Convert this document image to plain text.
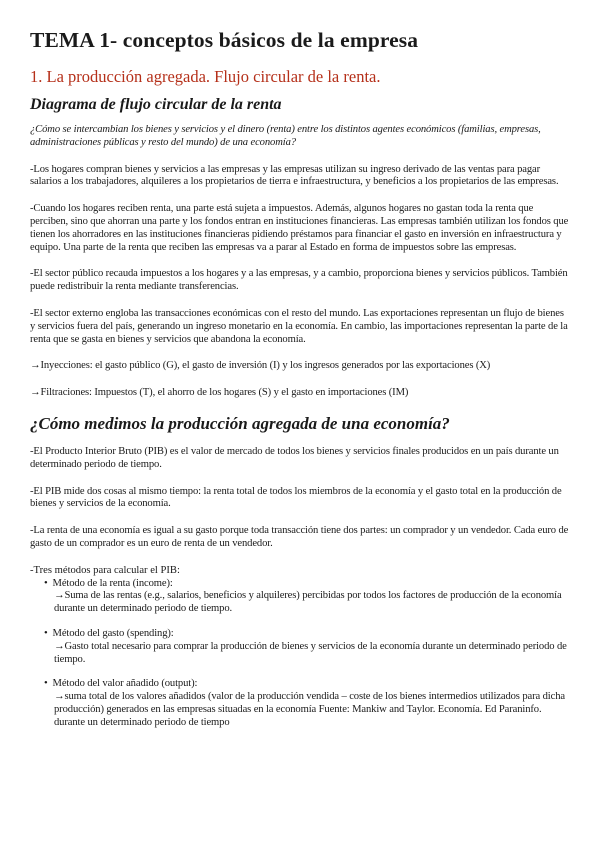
TEMA 1- conceptos básicos de la empresa
1. La producción agregada. Flujo circular de la renta.
Diagrama de flujo circular de la renta

¿Cómo se intercambian los bienes y servicios y el dinero (renta) entre los distintos agentes económicos (familias, empresas, administraciones públicas y resto del mundo) de una economía?

-Los hogares compran bienes y servicios a las empresas y las empresas utilizan su ingreso derivado de las ventas para pagar salarios a los trabajadores, alquileres a los propietarios de tierra e infraestructura, y beneficios a los propietarios de las empresas.

-Cuando los hogares reciben renta, una parte está sujeta a impuestos. Además, algunos hogares no gastan toda la renta que perciben, sino que ahorran una parte y los fondos entran en instituciones financieras. Las empresas también utilizan los fondos que tienen los ahorradores en las instituciones financieras pidiendo préstamos para financiar el gasto en inversión en infraestructura y equipo. Una parte de la renta que reciben las empresas va a parar al Estado en forma de impuestos sobre las empresas.

-El sector público recauda impuestos a los hogares y a las empresas, y a cambio, proporciona bienes y servicios públicos. También puede redistribuir la renta mediante transferencias.

-El sector externo engloba las transacciones económicas con el resto del mundo. Las exportaciones representan un flujo de bienes y servicios fuera del país, generando un ingreso monetario en la economía. En cambio, las importaciones representan la parte de la renta que se gasta en bienes y servicios que abandona la economía.

→Inyecciones: el gasto público (G), el gasto de inversión (I) y los ingresos generados por las exportaciones (X)

→Filtraciones: Impuestos (T), el ahorro de los hogares (S) y el gasto en importaciones (IM)

¿Cómo medimos la producción agregada de una economía?

-El Producto Interior Bruto (PIB) es el valor de mercado de todos los bienes y servicios finales producidos en un país durante un determinado periodo de tiempo.

-El PIB mide dos cosas al mismo tiempo: la renta total de todos los miembros de la economía y el gasto total en la producción de bienes y servicios de la economía.

-La renta de una economía es igual a su gasto porque toda transacción tiene dos partes: un comprador y un vendedor. Cada euro de gasto de un comprador es un euro de renta de un vendedor.

-Tres métodos para calcular el PIB:
• Método de la renta (income):
→Suma de las rentas (e.g., salarios, beneficios y alquileres) percibidas por todos los factores de producción de la economía durante un determinado periodo de tiempo.
• Método del gasto (spending):
→Gasto total necesario para comprar la producción de bienes y servicios de la economía durante un determinado periodo de tiempo.
• Método del valor añadido (output):
→suma total de los valores añadidos (valor de la producción vendida – coste de los bienes intermedios utilizados para dicha producción) generados en las empresas situadas en la economía Fuente: Mankiw and Taylor. Economía. Ed Paraninfo. durante un determinado periodo de tiempo
